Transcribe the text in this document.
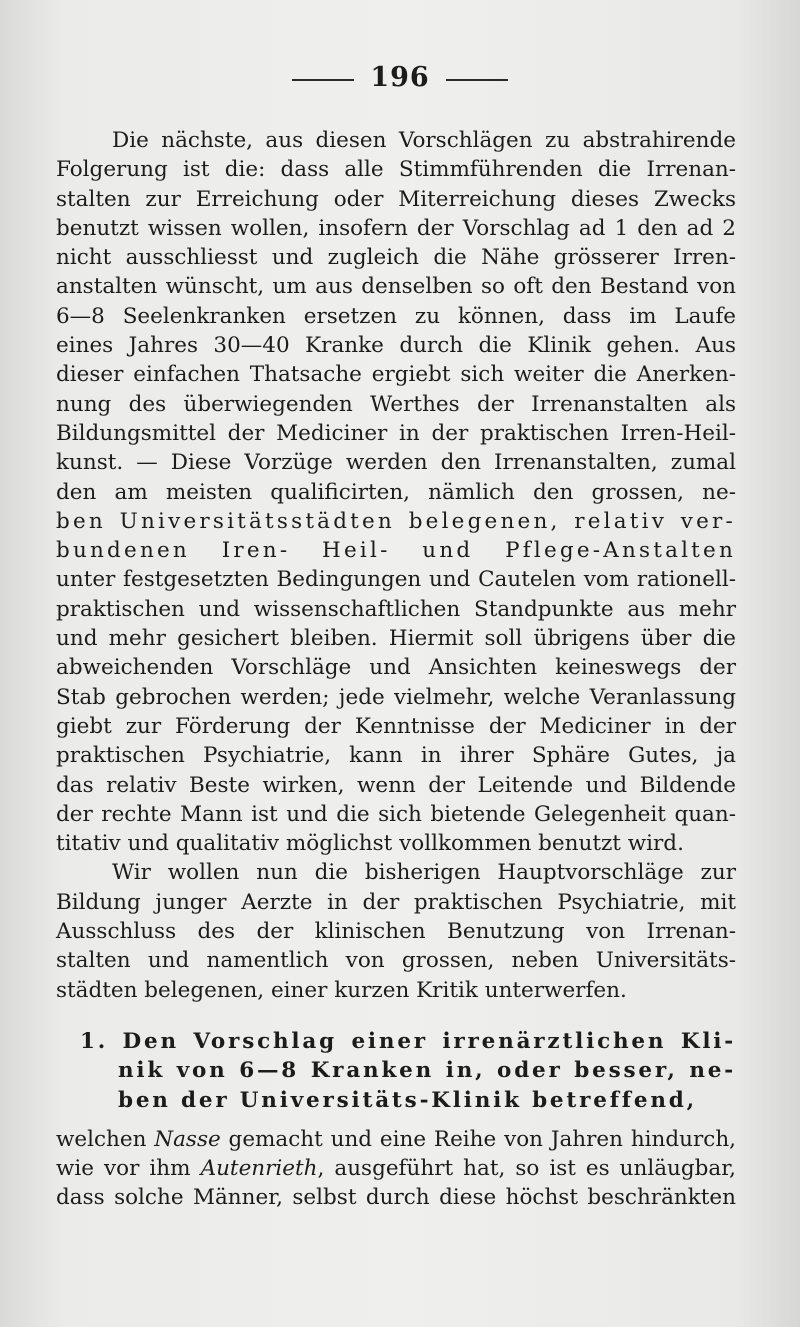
196
Die nächste, aus diesen Vorschlägen zu abstrahirende
Folgerung ist die: dass alle Stimmführenden die Irrenan-
stalten zur Erreichung oder Miterreichung dieses Zwecks
benutzt wissen wollen, insofern der Vorschlag ad 1 den ad 2
nicht ausschliesst und zugleich die Nähe grösserer Irren-
anstalten wünscht, um aus denselben so oft den Bestand von
6—8 Seelenkranken ersetzen zu können, dass im Laufe
eines Jahres 30—40 Kranke durch die Klinik gehen. Aus
dieser einfachen Thatsache ergiebt sich weiter die Anerken-
nung des überwiegenden Werthes der Irrenanstalten als
Bildungsmittel der Mediciner in der praktischen Irren-Heil-
kunst. — Diese Vorzüge werden den Irrenanstalten, zumal
den am meisten qualificirten, nämlich den grossen, ne-
ben Universitätsstädten belegenen, relativ ver-
bundenen Iren- Heil- und Pflege-Anstalten
unter festgesetzten Bedingungen und Cautelen vom rationell-
praktischen und wissenschaftlichen Standpunkte aus mehr
und mehr gesichert bleiben. Hiermit soll übrigens über die
abweichenden Vorschläge und Ansichten keineswegs der
Stab gebrochen werden; jede vielmehr, welche Veranlassung
giebt zur Förderung der Kenntnisse der Mediciner in der
praktischen Psychiatrie, kann in ihrer Sphäre Gutes, ja
das relativ Beste wirken, wenn der Leitende und Bildende
der rechte Mann ist und die sich bietende Gelegenheit quan-
titativ und qualitativ möglichst vollkommen benutzt wird.
Wir wollen nun die bisherigen Hauptvorschläge zur
Bildung junger Aerzte in der praktischen Psychiatrie, mit
Ausschluss des der klinischen Benutzung von Irrenan-
stalten und namentlich von grossen, neben Universitäts-
städten belegenen, einer kurzen Kritik unterwerfen.
1. Den Vorschlag einer irrenärztlichen Kli-
nik von 6—8 Kranken in, oder besser, ne-
ben der Universitäts-Klinik betreffend,
welchen Nasse gemacht und eine Reihe von Jahren hindurch,
wie vor ihm Autenrieth, ausgeführt hat, so ist es unläugbar,
dass solche Männer, selbst durch diese höchst beschränkten
